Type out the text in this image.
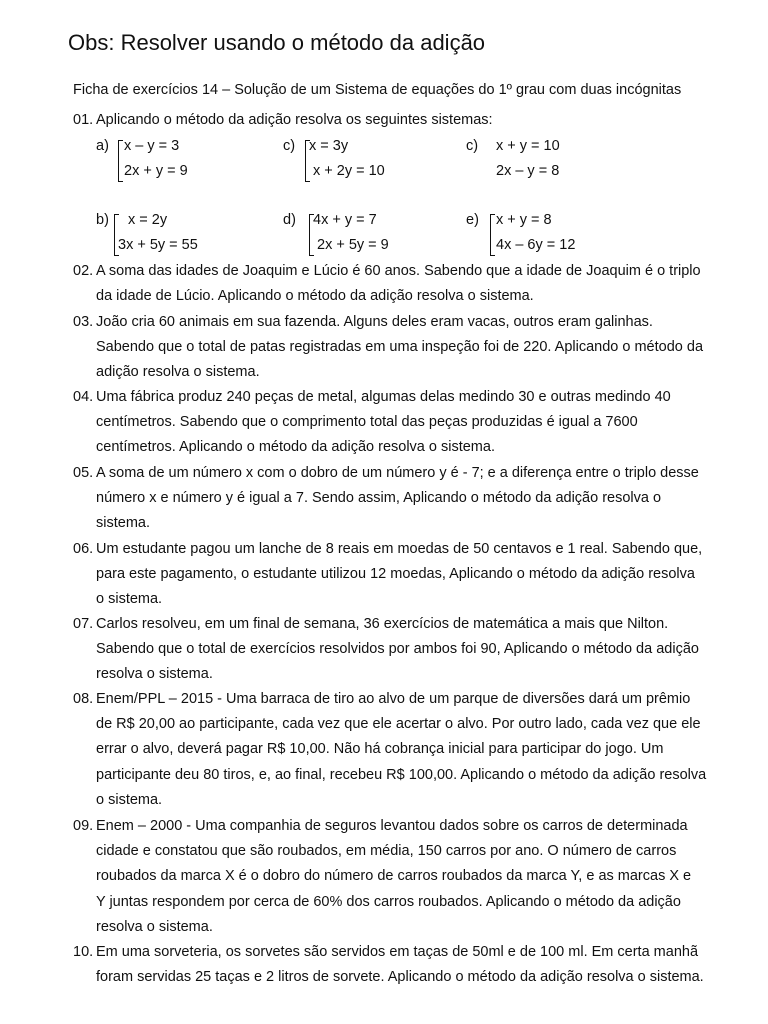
Obs: Resolver usando o método da adição
Ficha de exercícios 14 – Solução de um Sistema de equações do 1º grau com duas incógnitas
01. Aplicando o método da adição resolva os seguintes sistemas:
a) x – y = 3
2x + y = 9
c) x = 3y
x + 2y = 10
c) x + y = 10
2x – y = 8
b) x = 2y
3x + 5y = 55
d) 4x + y = 7
2x + 5y = 9
e) x + y = 8
4x – 6y = 12
02. A soma das idades de Joaquim e Lúcio é 60 anos. Sabendo que a idade de Joaquim é o triplo
da idade de Lúcio. Aplicando o método da adição resolva o sistema.
03. João cria 60 animais em sua fazenda. Alguns deles eram vacas, outros eram galinhas.
Sabendo que o total de patas registradas em uma inspeção foi de 220. Aplicando o método da
adição resolva o sistema.
04. Uma fábrica produz 240 peças de metal, algumas delas medindo 30 e outras medindo 40
centímetros. Sabendo que o comprimento total das peças produzidas é igual a 7600
centímetros. Aplicando o método da adição resolva o sistema.
05. A soma de um número x com o dobro de um número y é - 7; e a diferença entre o triplo desse
número x e número y é igual a 7. Sendo assim, Aplicando o método da adição resolva o
sistema.
06. Um estudante pagou um lanche de 8 reais em moedas de 50 centavos e 1 real. Sabendo que,
para este pagamento, o estudante utilizou 12 moedas, Aplicando o método da adição resolva
o sistema.
07. Carlos resolveu, em um final de semana, 36 exercícios de matemática a mais que Nilton.
Sabendo que o total de exercícios resolvidos por ambos foi 90, Aplicando o método da adição
resolva o sistema.
08. Enem/PPL – 2015 - Uma barraca de tiro ao alvo de um parque de diversões dará um prêmio
de R$ 20,00 ao participante, cada vez que ele acertar o alvo. Por outro lado, cada vez que ele
errar o alvo, deverá pagar R$ 10,00. Não há cobrança inicial para participar do jogo. Um
participante deu 80 tiros, e, ao final, recebeu R$ 100,00. Aplicando o método da adição resolva
o sistema.
09. Enem – 2000 - Uma companhia de seguros levantou dados sobre os carros de determinada
cidade e constatou que são roubados, em média, 150 carros por ano. O número de carros
roubados da marca X é o dobro do número de carros roubados da marca Y, e as marcas X e
Y juntas respondem por cerca de 60% dos carros roubados. Aplicando o método da adição
resolva o sistema.
10. Em uma sorveteria, os sorvetes são servidos em taças de 50ml e de 100 ml. Em certa manhã
foram servidas 25 taças e 2 litros de sorvete. Aplicando o método da adição resolva o sistema.
